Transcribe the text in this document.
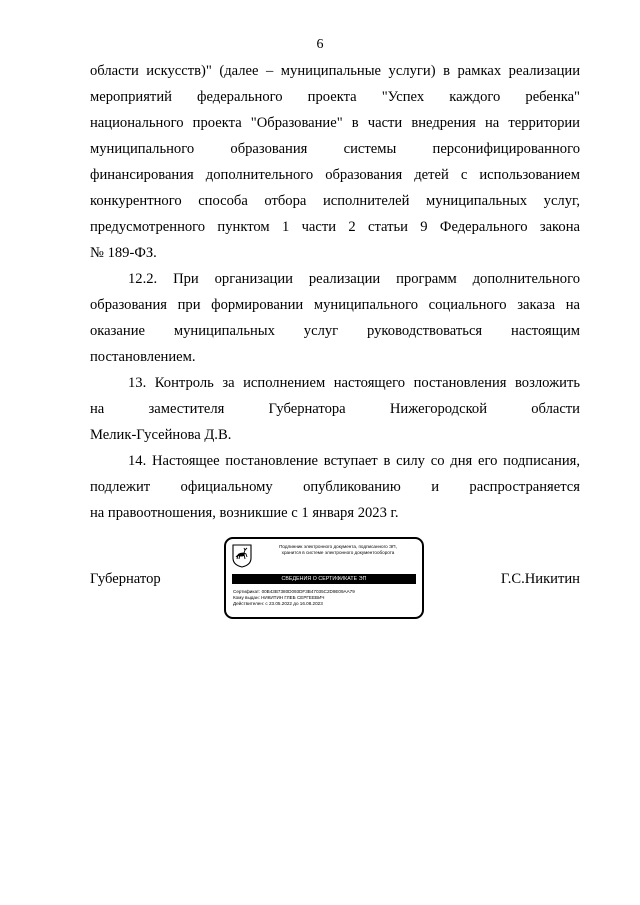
6
области искусств)" (далее – муниципальные услуги) в рамках реализации
мероприятий федерального проекта "Успех каждого ребенка"
национального проекта "Образование" в части внедрения на территории
муниципального образования системы персонифицированного
финансирования дополнительного образования детей с использованием
конкурентного способа отбора исполнителей муниципальных услуг,
предусмотренного пунктом 1 части 2 статьи 9 Федерального закона
№ 189-ФЗ.
12.2. При организации реализации программ дополнительного
образования при формировании муниципального социального заказа на
оказание муниципальных услуг руководствоваться настоящим
постановлением.
13. Контроль за исполнением настоящего постановления возложить
на заместителя Губернатора Нижегородской области
Мелик-Гусейнова Д.В.
14. Настоящее постановление вступает в силу со дня его подписания,
подлежит официальному опубликованию и распространяется
на правоотношения, возникшие с 1 января 2023 г.
Губернатор	Г.С.Никитин
Подлинник электронного документа, подписанного ЭП,
хранится в системе электронного документооборота
СВЕДЕНИЯ О СЕРТИФИКАТЕ ЭП
Сертификат: 00B43B7380D093DF3B47035C2D9E09AA79
Кому выдан: НИКИТИН ГЛЕБ СЕРГЕЕВИЧ
Действителен: с 23.05.2022 до 16.08.2023
